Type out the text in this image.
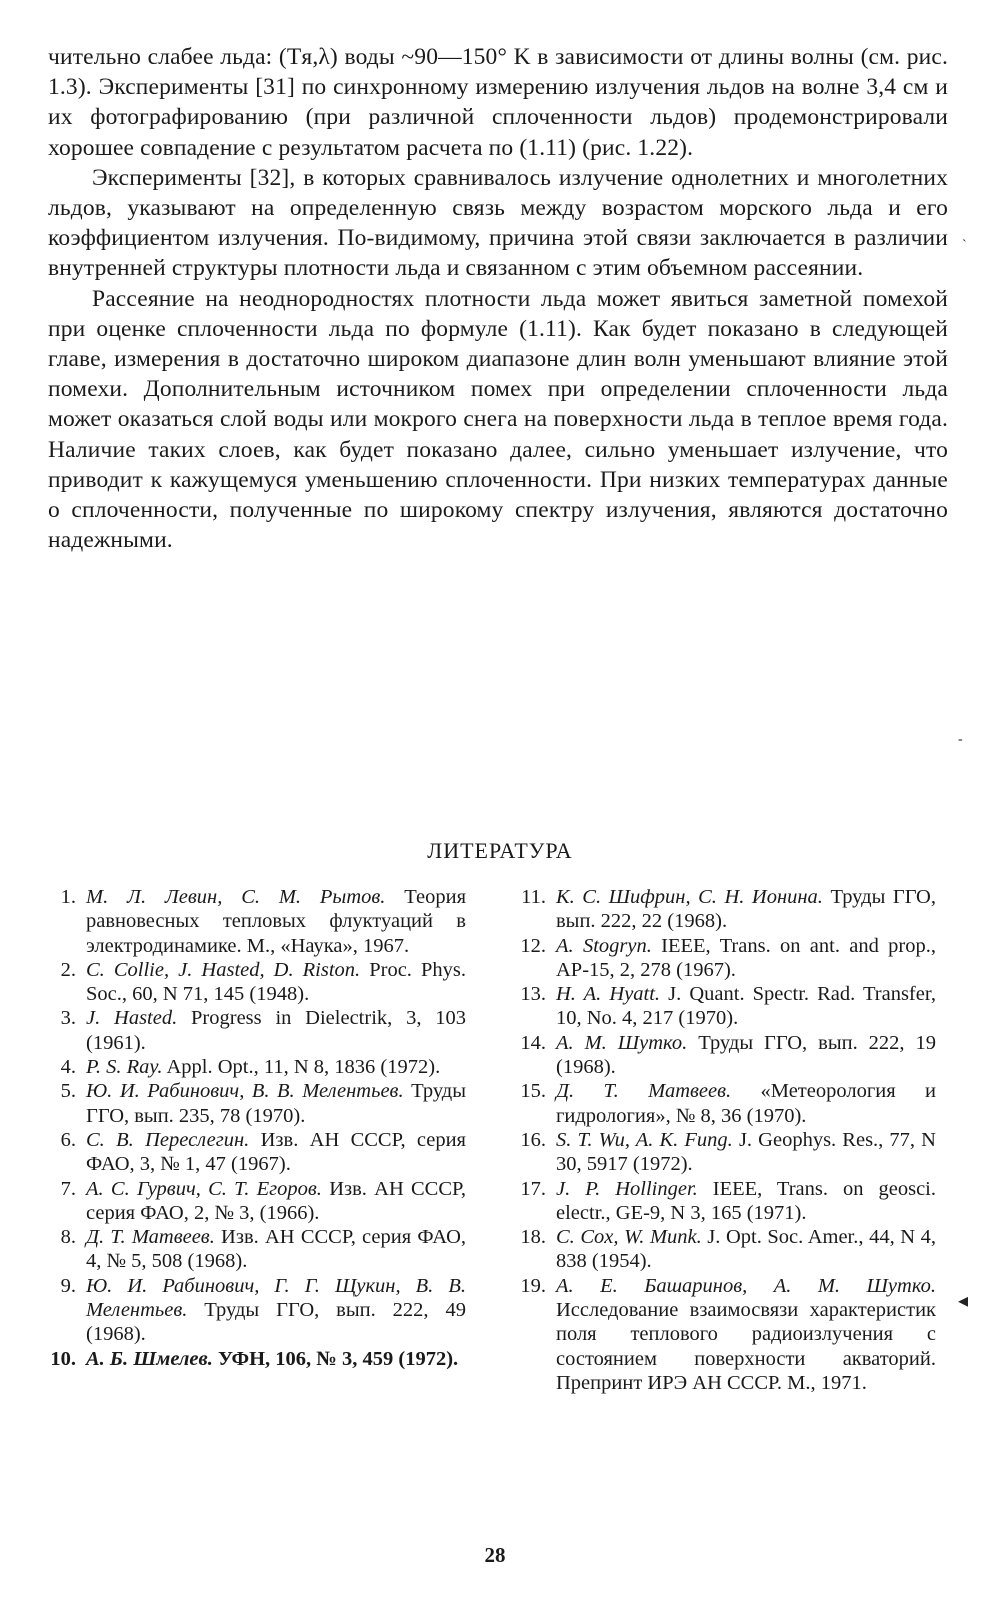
чительно слабее льда: (Tя,λ) воды ~90—150° K в зависимости от длины волны (см. рис. 1.3). Эксперименты [31] по синхронному измерению излучения льдов на волне 3,4 см и их фотографированию (при различной сплоченности льдов) продемонстрировали хорошее совпадение с результатом расчета по (1.11) (рис. 1.22).

Эксперименты [32], в которых сравнивалось излучение однолетних и многолетних льдов, указывают на определенную связь между возрастом морского льда и его коэффициентом излучения. По-видимому, причина этой связи заключается в различии внутренней структуры плотности льда и связанном с этим объемном рассеянии.

Рассеяние на неоднородностях плотности льда может явиться заметной помехой при оценке сплоченности льда по формуле (1.11). Как будет показано в следующей главе, измерения в достаточно широком диапазоне длин волн уменьшают влияние этой помехи. Дополнительным источником помех при определении сплоченности льда может оказаться слой воды или мокрого снега на поверхности льда в теплое время года. Наличие таких слоев, как будет показано далее, сильно уменьшает излучение, что приводит к кажущемуся уменьшению сплоченности. При низких температурах данные о сплоченности, полученные по широкому спектру излучения, являются достаточно надежными.

ЛИТЕРАТУРА
1. М. Л. Левин, С. М. Рытов. Теория равновесных тепловых флуктуаций в электродинамике. М., «Наука», 1967.
2. C. Collie, J. Hasted, D. Riston. Proc. Phys. Soc., 60, N 71, 145 (1948).
3. J. Hasted. Progress in Dielectrik, 3, 103 (1961).
4. P. S. Ray. Appl. Opt., 11, N 8, 1836 (1972).
5. Ю. И. Рабинович, В. В. Мелентьев. Труды ГГО, вып. 235, 78 (1970).
6. С. В. Переслегин. Изв. АН СССР, серия ФАО, 3, № 1, 47 (1967).
7. А. С. Гурвич, С. Т. Егоров. Изв. АН СССР, серия ФАО, 2, № 3, (1966).
8. Д. Т. Матвеев. Изв. АН СССР, серия ФАО, 4, № 5, 508 (1968).
9. Ю. И. Рабинович, Г. Г. Щукин, В. В. Мелентьев. Труды ГГО, вып. 222, 49 (1968).
10. А. Б. Шмелев. УФН, 106, № 3, 459 (1972).
11. К. С. Шифрин, С. Н. Ионина. Труды ГГО, вып. 222, 22 (1968).
12. A. Stogryn. IEEE, Trans. on ant. and prop., AP-15, 2, 278 (1967).
13. H. A. Hyatt. J. Quant. Spectr. Rad. Transfer, 10, No. 4, 217 (1970).
14. А. М. Шутко. Труды ГГО, вып. 222, 19 (1968).
15. Д. Т. Матвеев. «Метеорология и гидрология», № 8, 36 (1970).
16. S. T. Wu, A. K. Fung. J. Geophys. Res., 77, N 30, 5917 (1972).
17. J. P. Hollinger. IEEE, Trans. on geosci. electr., GE-9, N 3, 165 (1971).
18. C. Cox, W. Munk. J. Opt. Soc. Amer., 44, N 4, 838 (1954).
19. А. Е. Башаринов, А. М. Шутко. Исследование взаимосвязи характеристик поля теплового радиоизлучения с состоянием поверхности акваторий. Препринт ИРЭ АН СССР. М., 1971.
28
ˋ
-
◂
